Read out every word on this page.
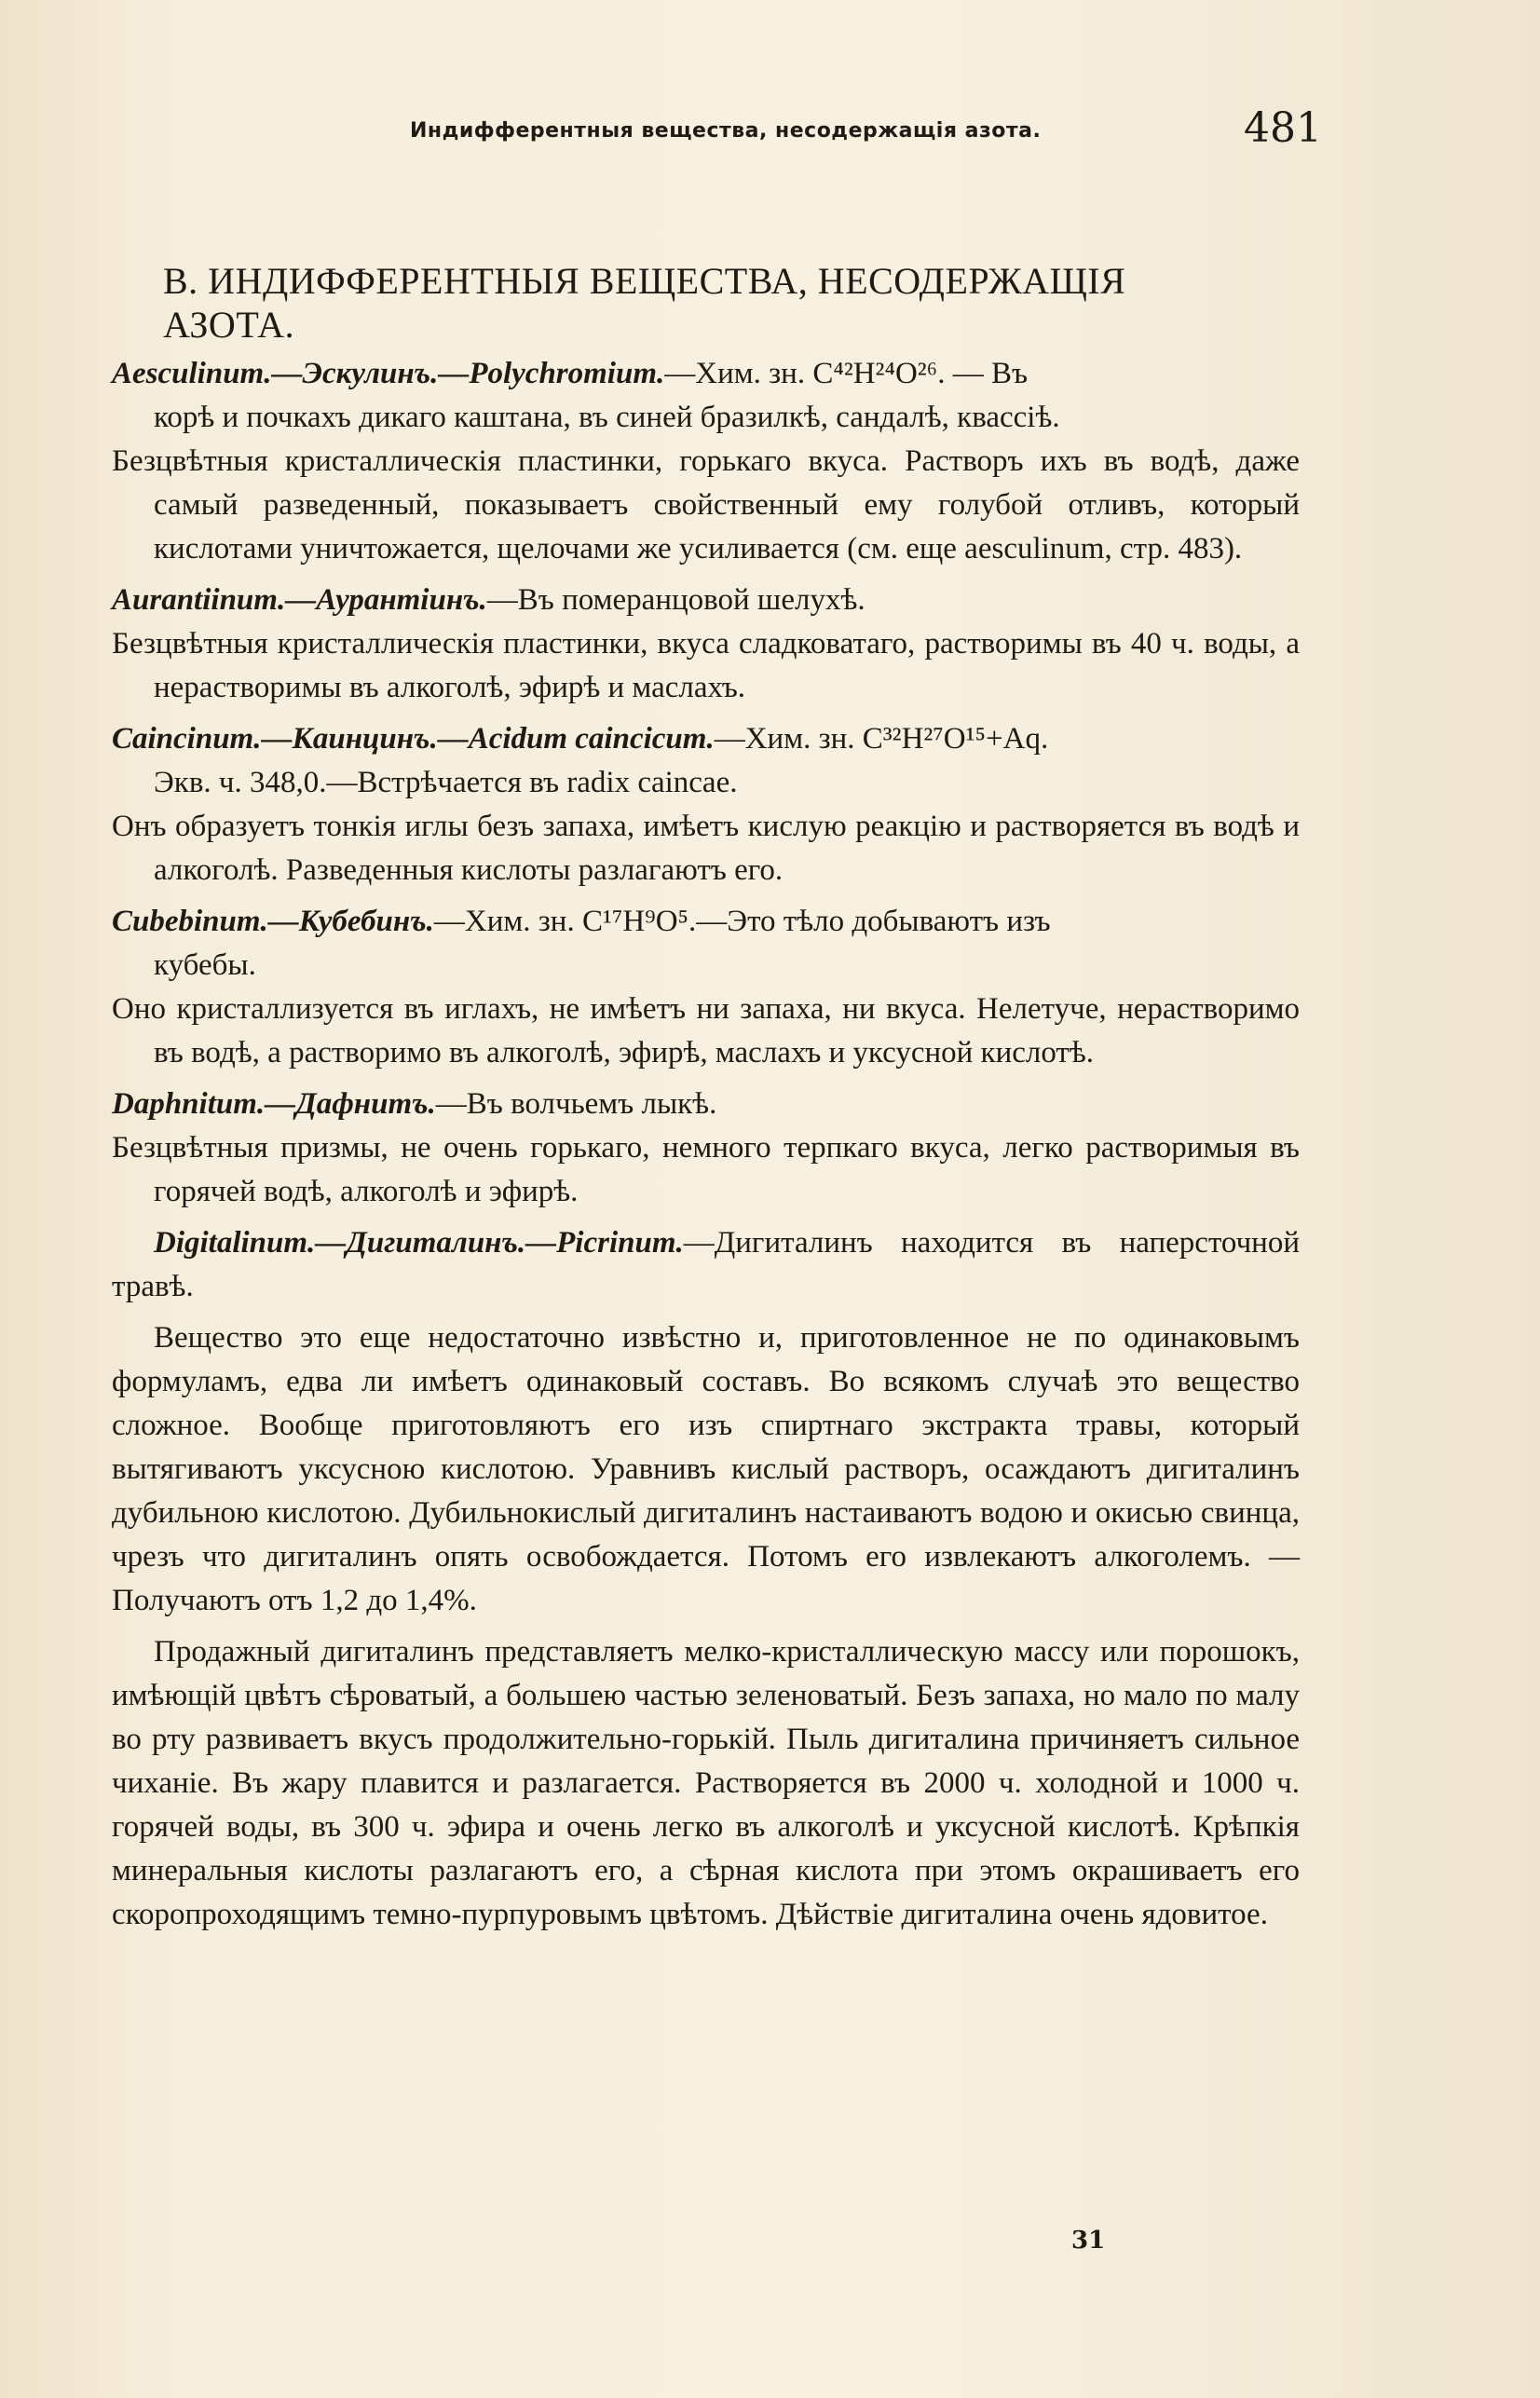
Индифферентныя вещества, несодержащія азота.	481
В. ИНДИФФЕРЕНТНЫЯ ВЕЩЕСТВА, НЕСОДЕРЖАЩІЯ АЗОТА.
Aesculinum.—Эскулинъ.—Polychromium.—Хим. зн. C⁴²H²⁴O²⁶. — Въ
корѣ и почкахъ дикаго каштана, въ синей бразилкѣ, сандалѣ, квассіѣ.
Безцвѣтныя кристаллическія пластинки, горькаго вкуса. Растворъ ихъ въ водѣ, даже самый разведенный, показываетъ свойственный ему голубой отливъ, который кислотами уничтожается, щелочами же усиливается (см. еще aesculinum, стр. 483).
Aurantiinum.—Аурантіинъ.—Въ померанцовой шелухѣ.
Безцвѣтныя кристаллическія пластинки, вкуса сладковатаго, растворимы въ 40 ч. воды, а нерастворимы въ алкоголѣ, эфирѣ и маслахъ.
Caincinum.—Каинцинъ.—Acidum caincicum.—Хим. зн. C³²H²⁷O¹⁵+Aq.
Экв. ч. 348,0.—Встрѣчается въ radix caincae.
Онъ образуетъ тонкія иглы безъ запаха, имѣетъ кислую реакцію и растворяется въ водѣ и алкоголѣ. Разведенныя кислоты разлагаютъ его.
Cubebinum.—Кубебинъ.—Хим. зн. C¹⁷H⁹O⁵.—Это тѣло добываютъ изъ
кубебы.
Оно кристаллизуется въ иглахъ, не имѣетъ ни запаха, ни вкуса. Нелетуче, нерастворимо въ водѣ, а растворимо въ алкоголѣ, эфирѣ, маслахъ и уксусной кислотѣ.
Daphnitum.—Дафнитъ.—Въ волчьемъ лыкѣ.
Безцвѣтныя призмы, не очень горькаго, немного терпкаго вкуса, легко растворимыя въ горячей водѣ, алкоголѣ и эфирѣ.
Digitalinum.—Дигиталинъ.—Picrinum.—Дигиталинъ находится въ наперсточной травѣ.
Вещество это еще недостаточно извѣстно и, приготовленное не по одинаковымъ формуламъ, едва ли имѣетъ одинаковый составъ. Во всякомъ случаѣ это вещество сложное. Вообще приготовляютъ его изъ спиртнаго экстракта травы, который вытягиваютъ уксусною кислотою. Уравнивъ кислый растворъ, осаждаютъ дигиталинъ дубильною кислотою. Дубильнокислый дигиталинъ настаиваютъ водою и окисью свинца, чрезъ что дигиталинъ опять освобождается. Потомъ его извлекаютъ алкоголемъ. — Получаютъ отъ 1,2 до 1,4%.
Продажный дигиталинъ представляетъ мелко-кристаллическую массу или порошокъ, имѣющій цвѣтъ сѣроватый, а большею частью зеленоватый. Безъ запаха, но мало по малу во рту развиваетъ вкусъ продолжительно-горькій. Пыль дигиталина причиняетъ сильное чиханіе. Въ жару плавится и разлагается. Растворяется въ 2000 ч. холодной и 1000 ч. горячей воды, въ 300 ч. эфира и очень легко въ алкоголѣ и уксусной кислотѣ. Крѣпкія минеральныя кислоты разлагаютъ его, а сѣрная кислота при этомъ окрашиваетъ его скоропроходящимъ темно-пурпуровымъ цвѣтомъ. Дѣйствіе дигиталина очень ядовитое.
31
